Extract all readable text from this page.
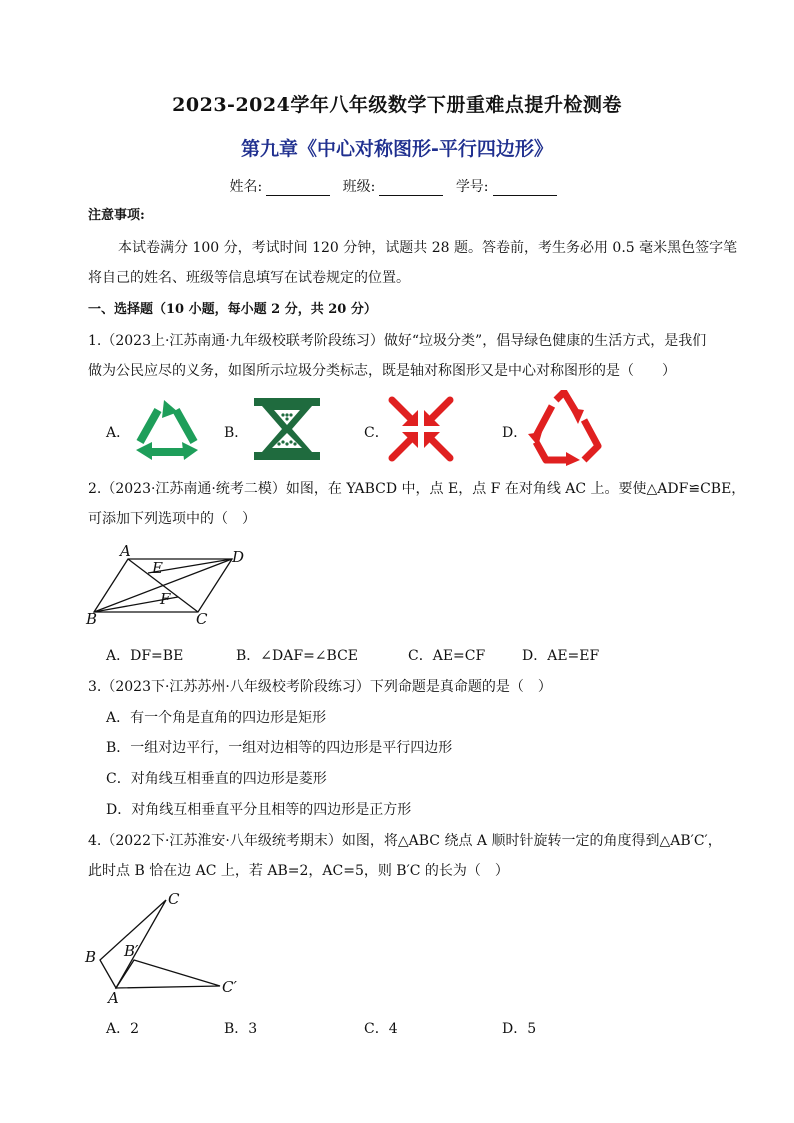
2023-2024学年八年级数学下册重难点提升检测卷
第九章《中心对称图形-平行四边形》
姓名:	班级:	学号:
注意事项:
本试卷满分 100 分，考试时间 120 分钟，试题共 28 题。答卷前，考生务必用 0.5 毫米黑色签字笔
将自己的姓名、班级等信息填写在试卷规定的位置。
一、选择题（10 小题，每小题 2 分，共 20 分）
1.（2023上·江苏南通·九年级校联考阶段练习）做好“垃圾分类”，倡导绿色健康的生活方式，是我们
做为公民应尽的义务，如图所示垃圾分类标志，既是轴对称图形又是中心对称图形的是（　　）
A．	B．	C．	D．
2.（2023·江苏南通·统考二模）如图，在 YABCD 中，点 E，点 F 在对角线 AC 上。要使△ADF≌CBE，
可添加下列选项中的（　）
A	D
E
F
B	C
A．DF=BE	B．∠DAF=∠BCE	C．AE=CF	D．AE=EF
3.（2023下·江苏苏州·八年级校考阶段练习）下列命题是真命题的是（　）
A．有一个角是直角的四边形是矩形
B．一组对边平行，一组对边相等的四边形是平行四边形
C．对角线互相垂直的四边形是菱形
D．对角线互相垂直平分且相等的四边形是正方形
4.（2022下·江苏淮安·八年级统考期末）如图，将△ABC 绕点 A 顺时针旋转一定的角度得到△AB′C′，
此时点 B 恰在边 AC 上，若 AB=2，AC=5，则 B′C 的长为（　）
C
B B′
A
C′
A．2	B．3	C．4	D．5
